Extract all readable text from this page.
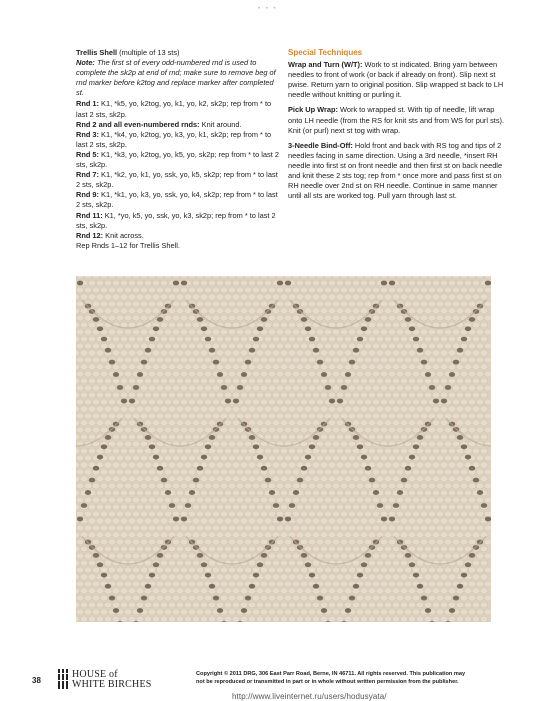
• • •

Trellis Shell (multiple of 13 sts)

Note: The first st of every odd-numbered rnd is used to complete the sk2p at end of rnd; make sure to remove beg of rnd marker before k2tog and replace marker after completed st.

Rnd 1: K1, *k5, yo, k2tog, yo, k1, yo, k2, sk2p; rep from * to last 2 sts, sk2p.

Rnd 2 and all even-numbered rnds: Knit around.

Rnd 3: K1, *k4, yo, k2tog, yo, k3, yo, k1, sk2p; rep from * to last 2 sts, sk2p.

Rnd 5: K1, *k3, yo, k2tog, yo, k5, yo, sk2p; rep from * to last 2 sts, sk2p.

Rnd 7: K1, *k2, yo, k1, yo, ssk, yo, k5, sk2p; rep from * to last 2 sts, sk2p.

Rnd 9: K1, *k1, yo, k3, yo, ssk, yo, k4, sk2p; rep from * to last 2 sts, sk2p.

Rnd 11: K1, *yo, k5, yo, ssk, yo, k3, sk2p; rep from * to last 2 sts, sk2p.

Rnd 12: Knit across.

Rep Rnds 1–12 for Trellis Shell.

Special Techniques

Wrap and Turn (W/T): Work to st indicated. Bring yarn between needles to front of work (or back if already on front). Slip next st pwise. Return yarn to original position. Slip wrapped st back to LH needle without knitting or purling it.

Pick Up Wrap: Work to wrapped st. With tip of needle, lift wrap onto LH needle (from the RS for knit sts and from WS for purl sts). Knit (or purl) next st tog with wrap.

3-Needle Bind-Off: Hold front and back with RS tog and tips of 2 needles facing in same direction. Using a 3rd needle, *insert RH needle into first st on front needle and then first st on back needle and knit these 2 sts tog; rep from * once more and pass first st on RH needle over 2nd st on RH needle. Continue in same manner until all sts are worked tog. Pull yarn through last st.

38
HOUSE of
WHITE BIRCHES
Copyright © 2011 DRG, 306 East Parr Road, Berne, IN 46711. All rights reserved. This publication may
not be reproduced or transmitted in part or in whole without written permission from the publisher.
http://www.liveinternet.ru/users/hodusyata/
